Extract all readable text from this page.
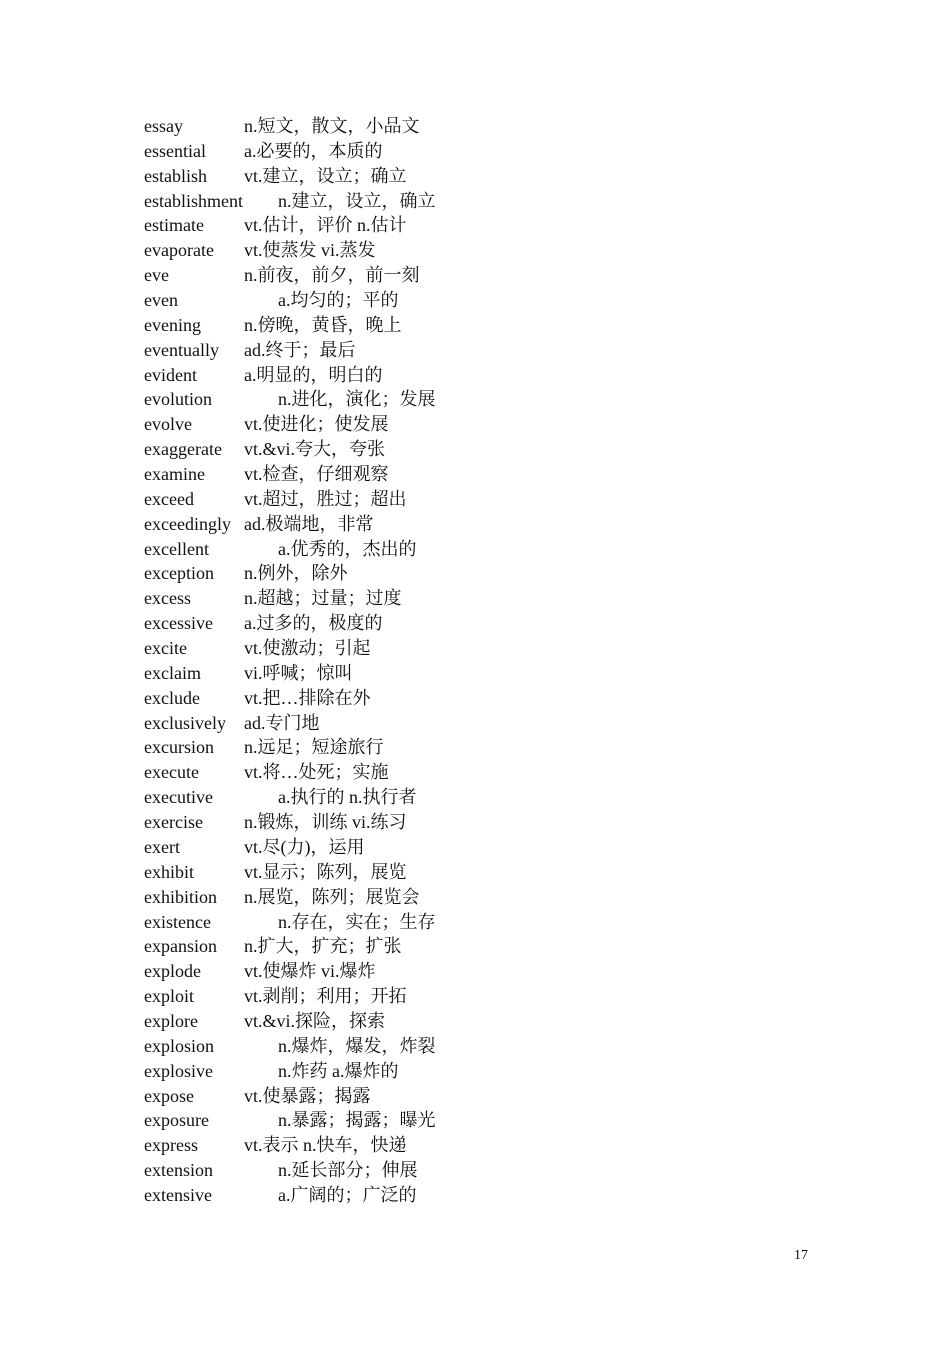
essay	n.短文，散文，小品文
essential a.必要的，本质的
establish vt.建立，设立；确立
establishment n.建立，设立，确立
estimate vt.估计，评价 n.估计
evaporate vt.使蒸发 vi.蒸发
eve	n.前夜，前夕，前一刻
even	a.均匀的；平的
evening n.傍晚，黄昏，晚上
eventually ad.终于；最后
evident	a.明显的，明白的
evolution	n.进化，演化；发展
evolve	vt.使进化；使发展
exaggerate vt.&vi.夸大，夸张
examine vt.检查，仔细观察
exceed	vt.超过，胜过；超出
exceedingly ad.极端地，非常
excellent	a.优秀的，杰出的
exception n.例外，除外
excess	n.超越；过量；过度
excessive a.过多的，极度的
excite	vt.使激动；引起
exclaim vi.呼喊；惊叫
exclude vt.把…排除在外
exclusively ad.专门地
excursion n.远足；短途旅行
execute	vt.将…处死；实施
executive	a.执行的 n.执行者
exercise n.锻炼，训练 vi.练习
exert	vt.尽(力)，运用
exhibit	vt.显示；陈列，展览
exhibition n.展览，陈列；展览会
existence	n.存在，实在；生存
expansion n.扩大，扩充；扩张
explode vt.使爆炸 vi.爆炸
exploit	vt.剥削；利用；开拓
explore	vt.&vi.探险，探索
explosion	n.爆炸，爆发，炸裂
explosive	n.炸药 a.爆炸的
expose	vt.使暴露；揭露
exposure	n.暴露；揭露；曝光
express	vt.表示 n.快车，快递
extension	n.延长部分；伸展
extensive	a.广阔的；广泛的
17
